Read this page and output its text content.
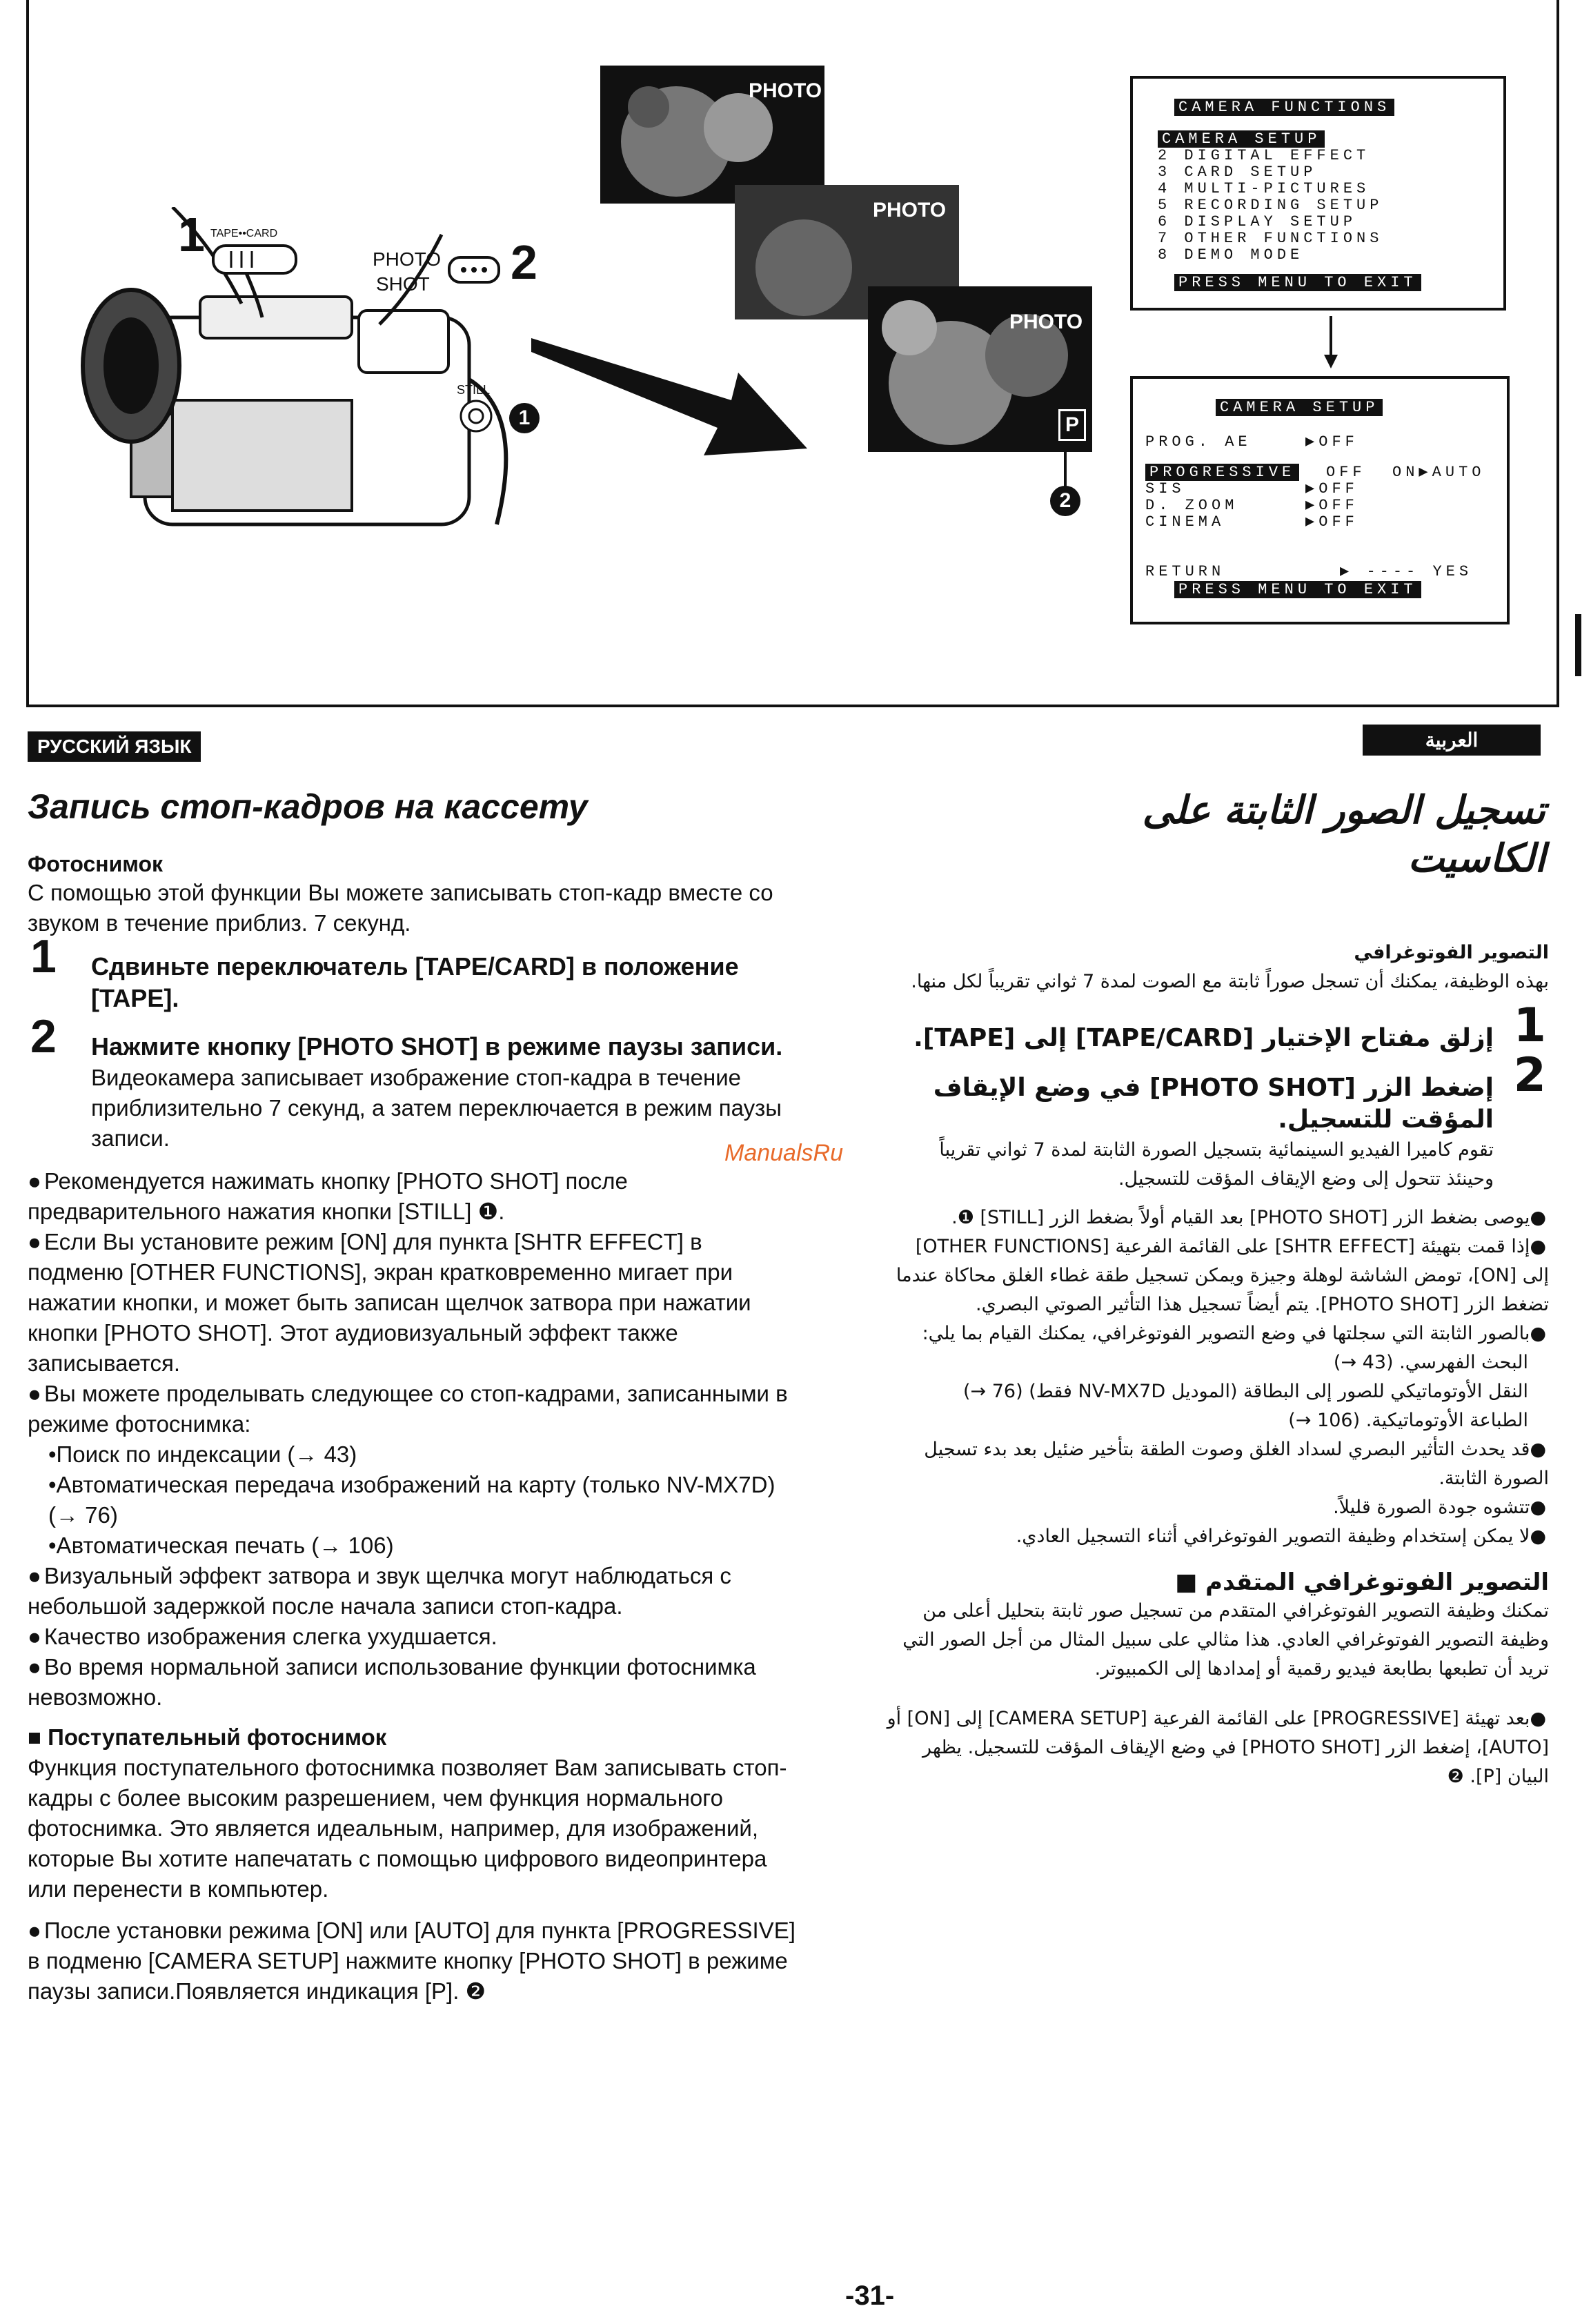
1 TAPE••CARD
PHOTO
SHOT 2
STILL
1
PHOTO
PHOTO
PHOTO
P
2
CAMERA FUNCTIONS
CAMERA SETUP
2 DIGITAL EFFECT
3 CARD SETUP
4 MULTI-PICTURES
5 RECORDING SETUP
6 DISPLAY SETUP
7 OTHER FUNCTIONS
8 DEMO MODE
PRESS MENU TO EXIT
CAMERA SETUP
PROG. AE	▶OFF
PROGRESSIVE OFF  ON▶AUTO
SIS	▶OFF
D. ZOOM	▶OFF
CINEMA	▶OFF
RETURN	▶ ---- YES
PRESS MENU TO EXIT
РУССКИЙ ЯЗЫК
Запись стоп-кадров на кассету
Фотоснимок
С помощью этой функции Вы можете записывать стоп-кадр вместе со звуком в течение приблиз. 7 секунд.
1 Сдвиньте переключатель [TAPE/CARD] в положение [TAPE].
2 Нажмите кнопку [PHOTO SHOT] в режиме паузы записи.
Видеокамера записывает изображение стоп-кадра в течение приблизительно 7 секунд, а затем переключается в режим паузы записи.
● Рекомендуется нажимать кнопку [PHOTO SHOT] после предварительного нажатия кнопки [STILL] ❶.
● Если Вы установите режим [ON] для пункта [SHTR EFFECT] в подменю [OTHER FUNCTIONS], экран кратковременно мигает при нажатии кнопки, и может быть записан щелчок затвора при нажатии кнопки [PHOTO SHOT]. Этот аудиовизуальный эффект также записывается.
● Вы можете проделывать следующее со стоп-кадрами, записанными в режиме фотоснимка:
•Поиск по индексации (→ 43)
•Автоматическая передача изображений на карту (только NV-MX7D) (→ 76)
•Автоматическая печать (→ 106)
● Визуальный эффект затвора и звук щелчка могут наблюдаться с небольшой задержкой после начала записи стоп-кадра.
● Качество изображения слегка ухудшается.
● Во время нормальной записи использование функции фотоснимка невозможно.
■ Поступательный фотоснимок
Функция поступательного фотоснимка позволяет Вам записывать стоп-кадры с более высоким разрешением, чем функция нормального фотоснимка. Это является идеальным, например, для изображений, которые Вы хотите напечатать с помощью цифрового видеопринтера или перенести в компьютер.
● После установки режима [ON] или [AUTO] для пункта [PROGRESSIVE] в подменю [CAMERA SETUP] нажмите кнопку [PHOTO SHOT] в режиме паузы записи.Появляется индикация [P]. ❷
ManualsRu
العربية
تسجيل الصور الثابتة على الكاسيت
التصوير الفوتوغرافي
بهذه الوظيفة، يمكنك أن تسجل صوراً ثابتة مع الصوت لمدة 7 ثواني تقريباً لكل منها.
1
إزلق مفتاح الإختيار [TAPE/CARD] إلى [TAPE].
2
إضغط الزر [PHOTO SHOT] في وضع الإيقاف المؤقت للتسجيل.
تقوم كاميرا الفيديو السينمائية بتسجيل الصورة الثابتة لمدة 7 ثواني تقريباً وحينئذ تتحول إلى وضع الإيقاف المؤقت للتسجيل.
● يوصى بضغط الزر [PHOTO SHOT] بعد القيام أولاً بضغط الزر [STILL] ❶.
● إذا قمت بتهيئة [SHTR EFFECT] على القائمة الفرعية [OTHER FUNCTIONS] إلى [ON]، تومض الشاشة لوهلة وجيزة ويمكن تسجيل طقة غطاء الغلق محاكاة عندما تضغط الزر [PHOTO SHOT]. يتم أيضاً تسجيل هذا التأثير الصوتي البصري.
● بالصور الثابتة التي سجلتها في وضع التصوير الفوتوغرافي، يمكنك القيام بما يلي:
البحث الفهرسي. (43 →)
النقل الأوتوماتيكي للصور إلى البطاقة (الموديل NV-MX7D فقط) (76 →)
الطباعة الأوتوماتيكية. (106 →)
● قد يحدث التأثير البصري لسداد الغلق وصوت الطقة بتأخير ضئيل بعد بدء تسجيل الصورة الثابتة.
● تتشوه جودة الصورة قليلاً.
● لا يمكن إستخدام وظيفة التصوير الفوتوغرافي أثناء التسجيل العادي.
التصوير الفوتوغرافي المتقدم ■
تمكنك وظيفة التصوير الفوتوغرافي المتقدم من تسجيل صور ثابتة بتحليل أعلى من وظيفة التصوير الفوتوغرافي العادي. هذا مثالي على سبيل المثال من أجل الصور التي تريد أن تطبعها بطابعة فيديو رقمية أو إمدادها إلى الكمبيوتر.
● بعد تهيئة [PROGRESSIVE] على القائمة الفرعية [CAMERA SETUP] إلى [ON] أو [AUTO]، إضغط الزر [PHOTO SHOT] في وضع الإيقاف المؤقت للتسجيل. يظهر البيان [P]. ❷
-31-
